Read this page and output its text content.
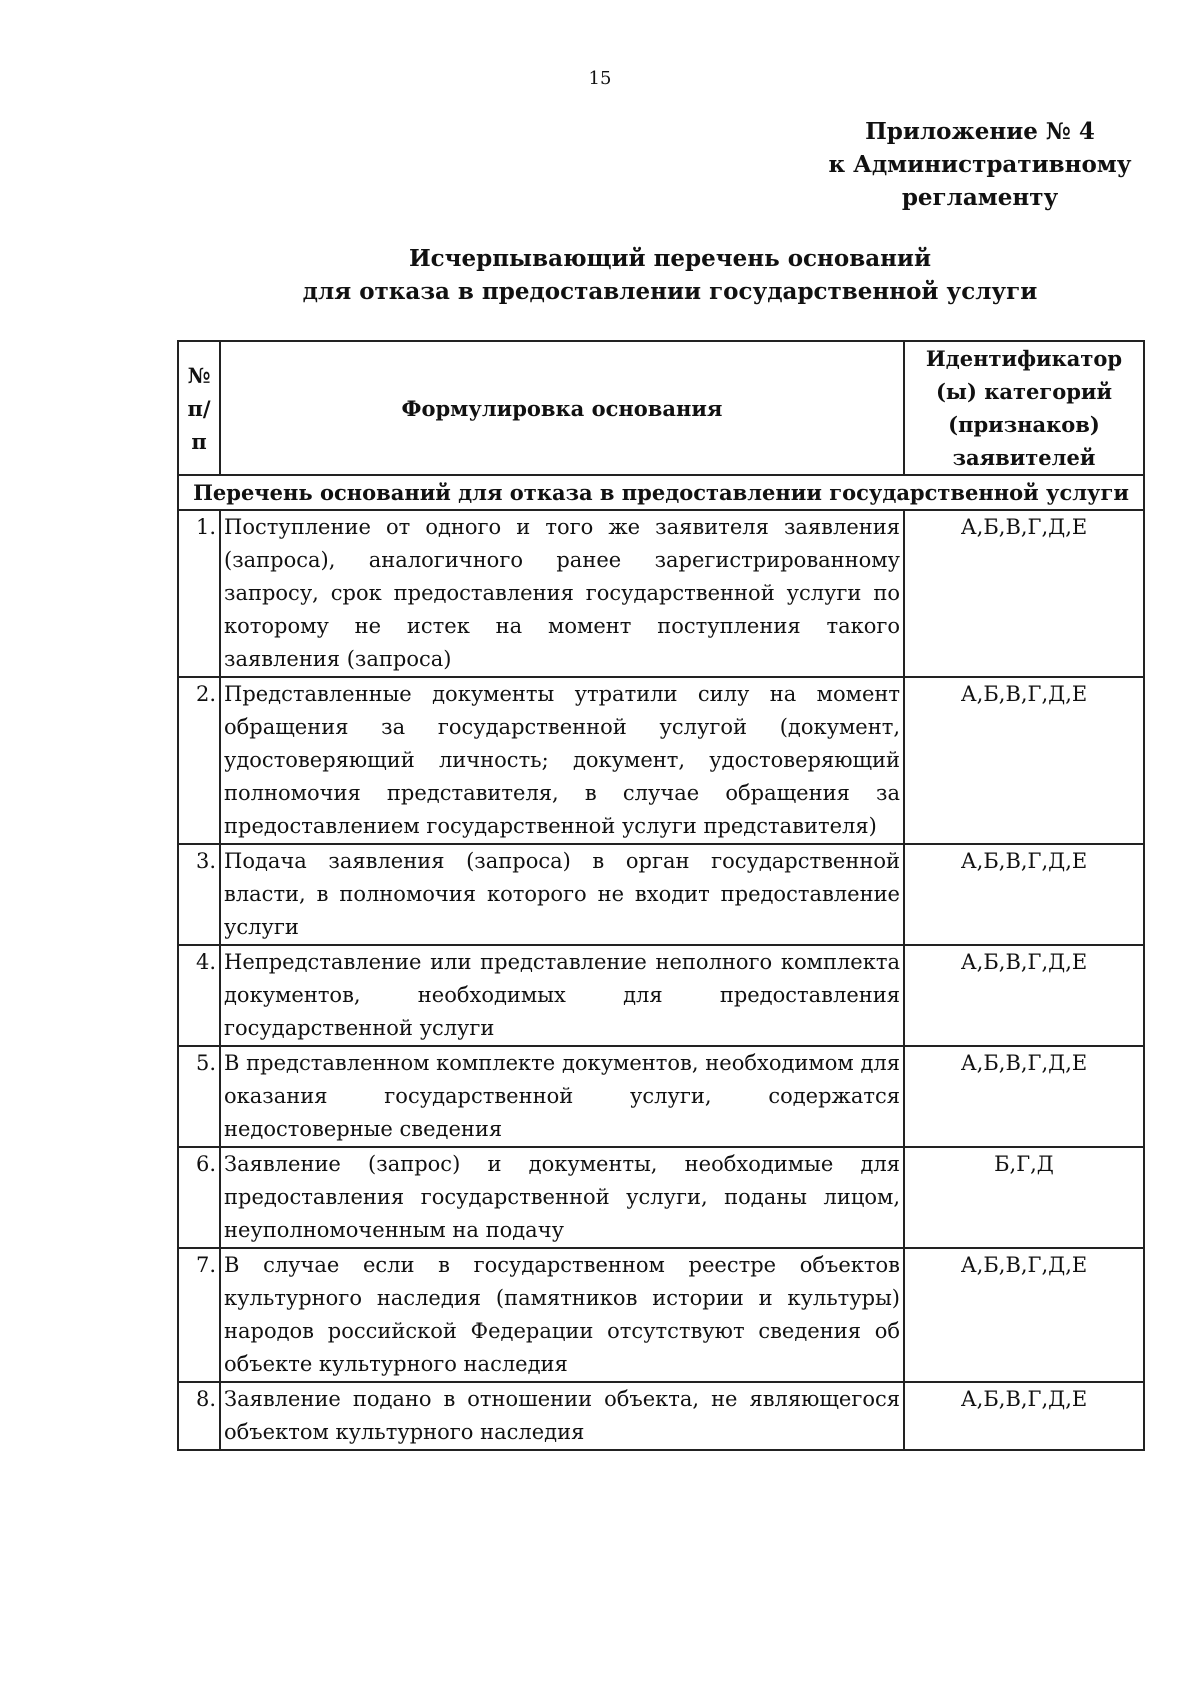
15
Приложение № 4
к Административному
регламенту
Исчерпывающий перечень оснований
для отказа в предоставлении государственной услуги
№ п/ п	Формулировка основания	Идентификатор (ы) категорий (признаков) заявителей
Перечень оснований для отказа в предоставлении государственной услуги		
1.	Поступление от одного и того же заявителя заявления (запроса), аналогичного ранее зарегистрированному запросу, срок предоставления государственной услуги по которому не истек на момент поступления такого заявления (запроса)	А,Б,В,Г,Д,Е
2.	Представленные документы утратили силу на момент обращения за государственной услугой (документ, удостоверяющий личность; документ, удостоверяющий полномочия представителя, в случае обращения за предоставлением государственной услуги представителя)	А,Б,В,Г,Д,Е
3.	Подача заявления (запроса) в орган государственной власти, в полномочия которого не входит предоставление услуги	А,Б,В,Г,Д,Е
4.	Непредставление или представление неполного комплекта документов, необходимых для предоставления государственной услуги	А,Б,В,Г,Д,Е
5.	В представленном комплекте документов, необходимом для оказания государственной услуги, содержатся недостоверные сведения	А,Б,В,Г,Д,Е
6.	Заявление (запрос) и документы, необходимые для предоставления государственной услуги, поданы лицом, неуполномоченным на подачу	Б,Г,Д
7.	В случае если в государственном реестре объектов культурного наследия (памятников истории и культуры) народов российской Федерации отсутствуют сведения об объекте культурного наследия	А,Б,В,Г,Д,Е
8.	Заявление подано в отношении объекта, не являющегося объектом культурного наследия	А,Б,В,Г,Д,Е
